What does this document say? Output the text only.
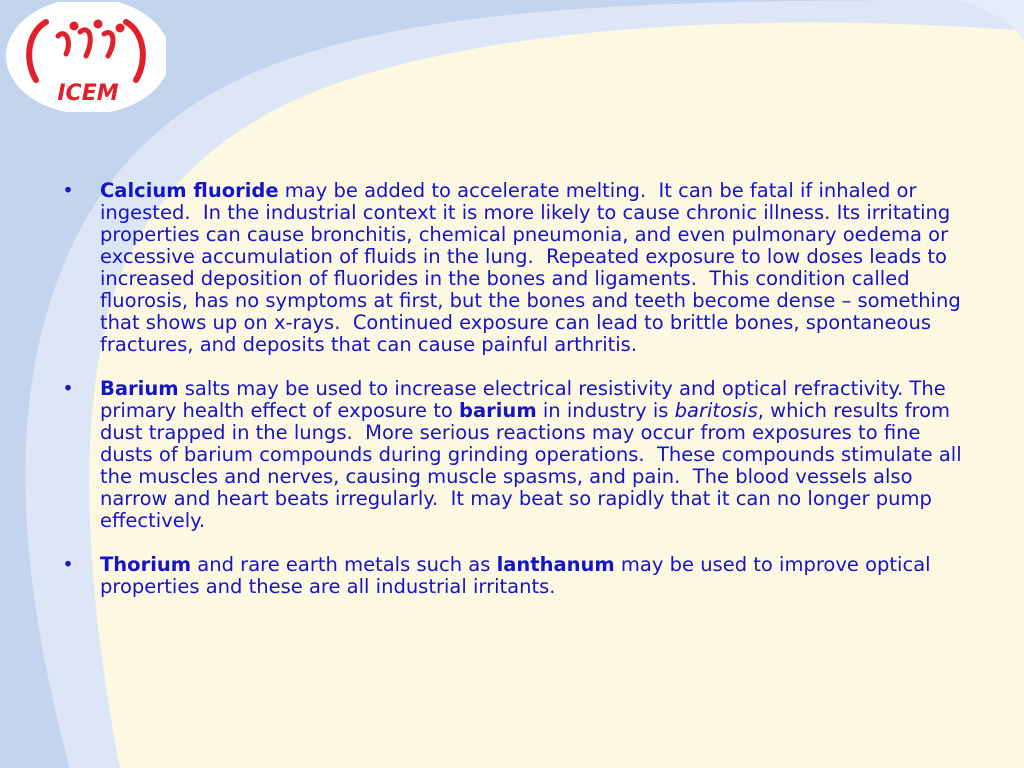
ICEM
• Calcium fluoride may be added to accelerate melting.  It can be fatal if inhaled or ingested.  In the industrial context it is more likely to cause chronic illness. Its irritating properties can cause bronchitis, chemical pneumonia, and even pulmonary oedema or excessive accumulation of fluids in the lung.  Repeated exposure to low doses leads to increased deposition of fluorides in the bones and ligaments.  This condition called fluorosis, has no symptoms at first, but the bones and teeth become dense – something that shows up on x-rays.  Continued exposure can lead to brittle bones, spontaneous fractures, and deposits that can cause painful arthritis.
• Barium salts may be used to increase electrical resistivity and optical refractivity. The primary health effect of exposure to barium in industry is baritosis, which results from dust trapped in the lungs.  More serious reactions may occur from exposures to fine dusts of barium compounds during grinding operations.  These compounds stimulate all the muscles and nerves, causing muscle spasms, and pain.  The blood vessels also narrow and heart beats irregularly.  It may beat so rapidly that it can no longer pump effectively.
• Thorium and rare earth metals such as lanthanum may be used to improve optical properties and these are all industrial irritants.
